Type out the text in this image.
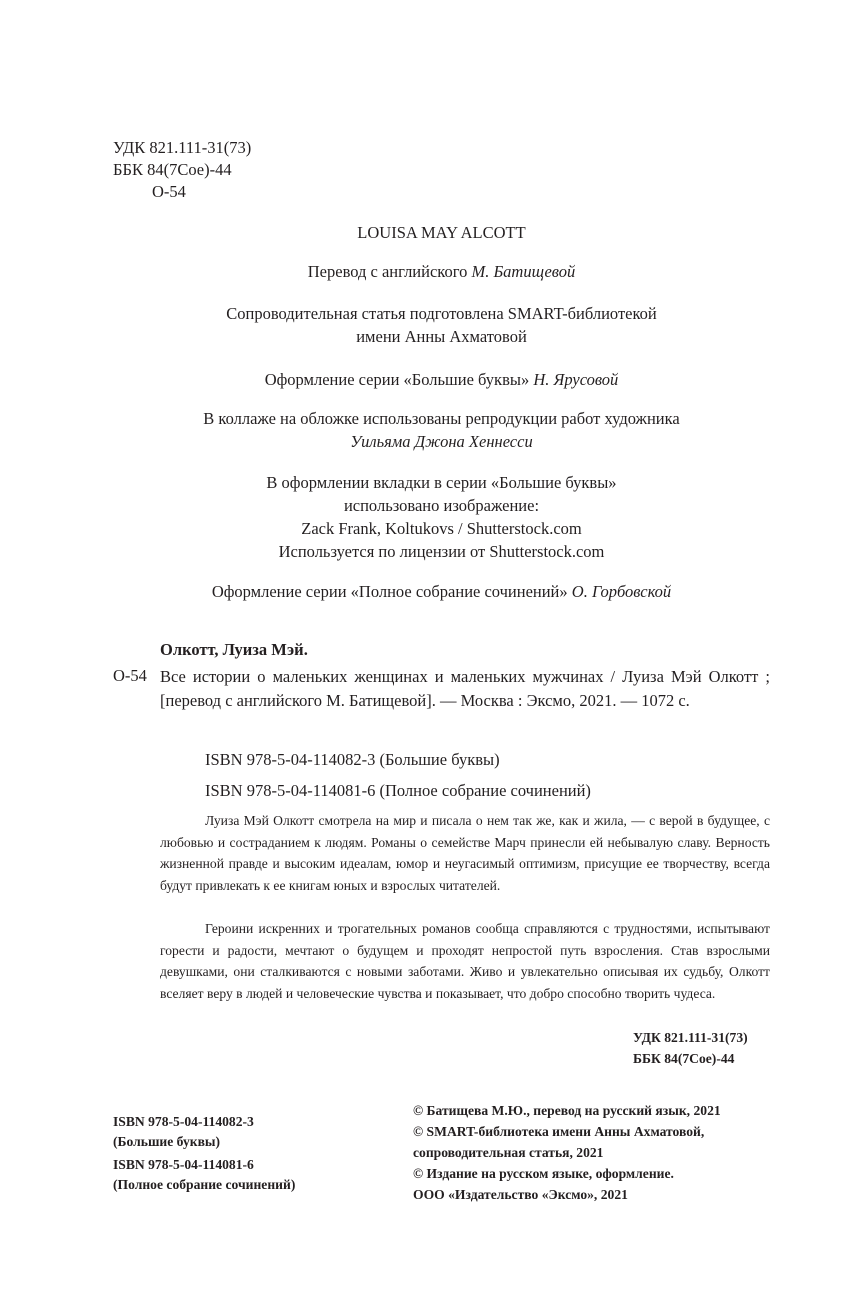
УДК 821.111-31(73)
ББК 84(7Сое)-44
О-54
LOUISA MAY ALCOTT
Перевод с английского М. Батищевой
Сопроводительная статья подготовлена SMART-библиотекой
имени Анны Ахматовой
Оформление серии «Большие буквы» Н. Ярусовой
В коллаже на обложке использованы репродукции работ художника
Уильяма Джона Хеннесси
В оформлении вкладки в серии «Большие буквы»
использовано изображение:
Zack Frank, Koltukovs / Shutterstock.com
Используется по лицензии от Shutterstock.com
Оформление серии «Полное собрание сочинений» О. Горбовской
Олкотт, Луиза Мэй.
О-54 Все истории о маленьких женщинах и маленьких мужчинах / Луиза Мэй Олкотт ; [перевод с английского М. Батищевой]. — Москва : Эксмо, 2021. — 1072 с.
ISBN 978-5-04-114082-3 (Большие буквы)
ISBN 978-5-04-114081-6 (Полное собрание сочинений)
Луиза Мэй Олкотт смотрела на мир и писала о нем так же, как и жила, — с верой в будущее, с любовью и состраданием к людям. Романы о семействе Марч принесли ей небывалую славу. Верность жизненной правде и высоким идеалам, юмор и неугасимый оптимизм, присущие ее творчеству, всегда будут привлекать к ее книгам юных и взрослых читателей.
Героини искренних и трогательных романов сообща справляются с трудностями, испытывают горести и радости, мечтают о будущем и проходят непростой путь взросления. Став взрослыми девушками, они сталкиваются с новыми заботами. Живо и увлекательно описывая их судьбу, Олкотт вселяет веру в людей и человеческие чувства и показывает, что добро способно творить чудеса.
УДК 821.111-31(73)
ББК 84(7Сое)-44
ISBN 978-5-04-114082-3
(Большие буквы)
ISBN 978-5-04-114081-6
(Полное собрание сочинений)
© Батищева М.Ю., перевод на русский язык, 2021
© SMART-библиотека имени Анны Ахматовой,
сопроводительная статья, 2021
© Издание на русском языке, оформление.
ООО «Издательство «Эксмо», 2021
